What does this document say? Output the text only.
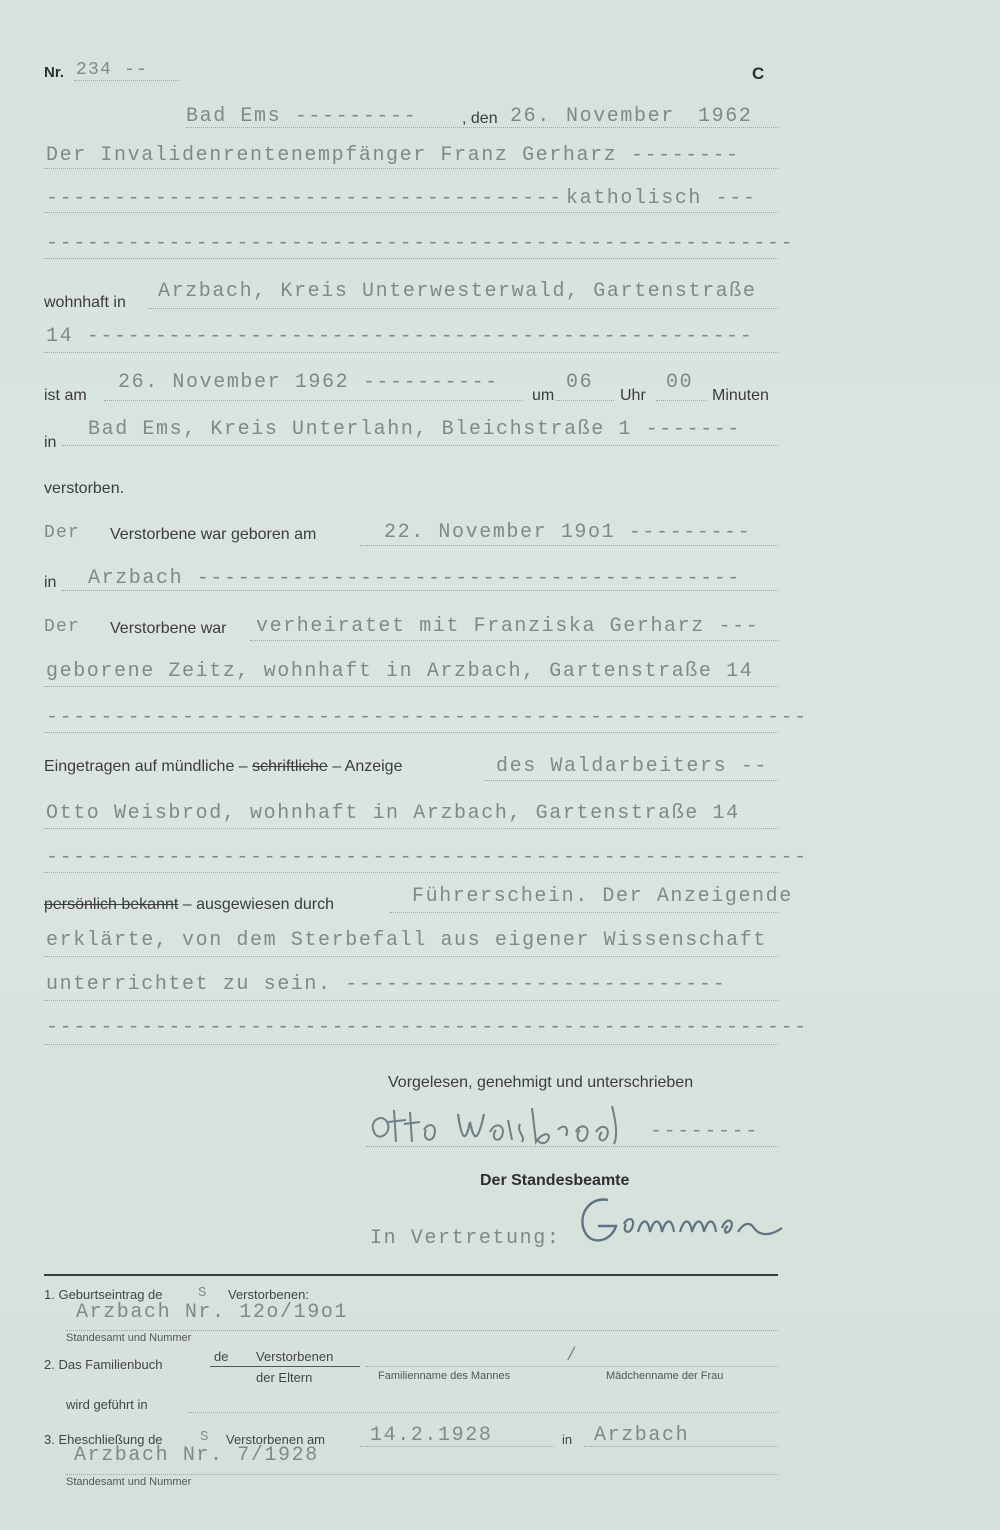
Nr. 234 --	C
Bad Ems ---------	, den 26. November 1962
Der Invalidenrentenempfänger Franz Gerharz --------
-------------------------------------- katholisch ---
-------------------------------------------------------
wohnhaft in Arzbach, Kreis Unterwesterwald, Gartenstraße
14 -------------------------------------------------
ist am
26. November 1962 ----------
um
06
Uhr
00
Minuten
in
Bad Ems, Kreis Unterlahn, Bleichstraße 1 -------
verstorben.
Der Verstorbene war geboren am	22. November 19o1 ---------
in Arzbach ----------------------------------------
Der Verstorbene war verheiratet mit Franziska Gerharz ---
geborene Zeitz, wohnhaft in Arzbach, Gartenstraße 14
--------------------------------------------------------
Eingetragen auf mündliche – schriftliche – Anzeige	des Waldarbeiters --
Otto Weisbrod, wohnhaft in Arzbach, Gartenstraße 14
--------------------------------------------------------
persönlich bekannt – ausgewiesen durch	Führerschein. Der Anzeigende
erklärte, von dem Sterbefall aus eigener Wissenschaft
unterrichtet zu sein. ----------------------------
--------------------------------------------------------
Vorgelesen, genehmigt und unterschrieben
--------
Der Standesbeamte
In Vertretung:
1. Geburtseintrag de	S Verstorbenen:
Arzbach Nr. 12o/19o1
Standesamt und Nummer
2. Das Familienbuch
de Verstorbenen
der Eltern
/
Familienname des Mannes	Mädchenname der Frau
wird geführt in
3. Eheschließung de	S Verstorbenen am 14.2.1928	in Arzbach
Arzbach Nr. 7/1928
Standesamt und Nummer
